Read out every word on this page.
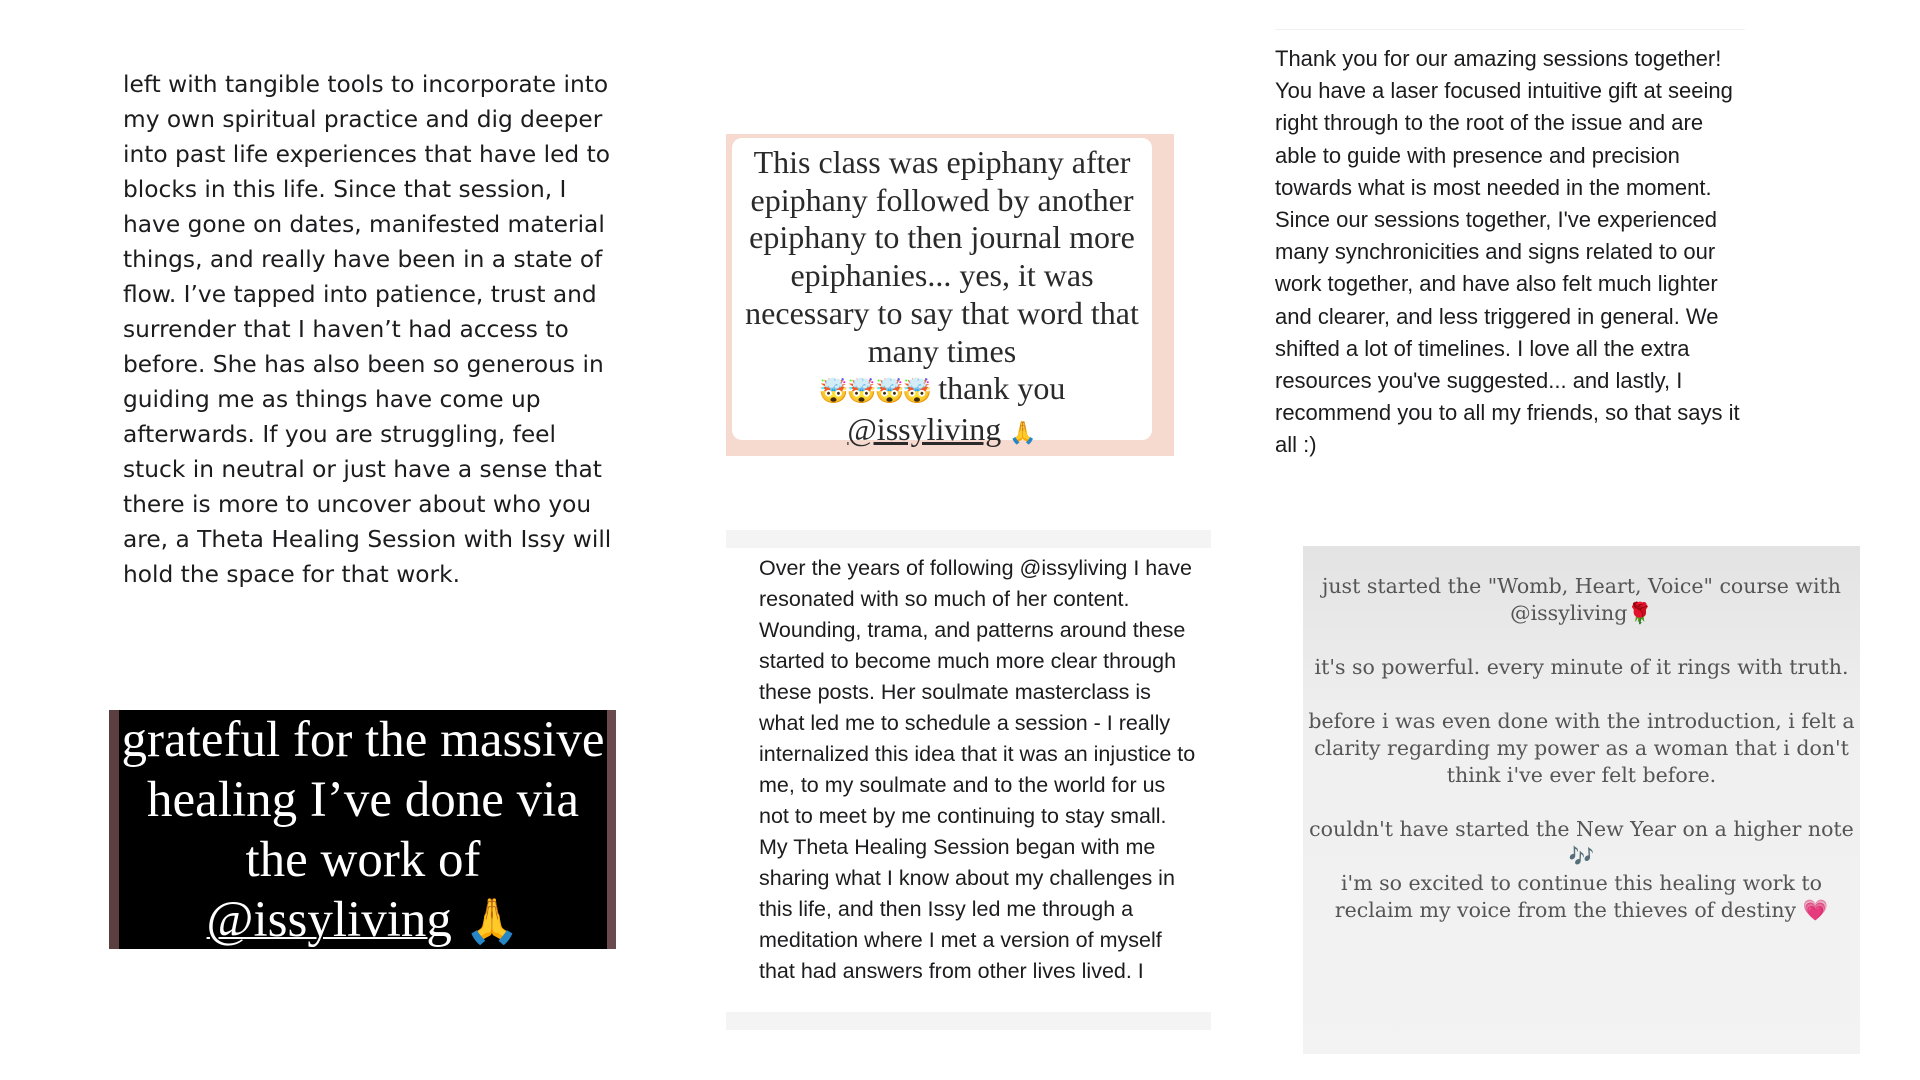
left with tangible tools to incorporate into my own spiritual practice and dig deeper into past life experiences that have led to blocks in this life. Since that session, I have gone on dates, manifested material things, and really have been in a state of flow. I’ve tapped into patience, trust and surrender that I haven’t had access to before. She has also been so generous in guiding me as things have come up afterwards. If you are struggling, feel stuck in neutral or just have a sense that there is more to uncover about who you are, a Theta Healing Session with Issy will hold the space for that work.

This class was epiphany after epiphany followed by another epiphany to then journal more epiphanies... yes, it was necessary to say that word that many times
🤯🤯🤯🤯 thank you
@issyliving 🙏

Thank you for our amazing sessions together! You have a laser focused intuitive gift at seeing right through to the root of the issue and are able to guide with presence and precision towards what is most needed in the moment. Since our sessions together, I've experienced many synchronicities and signs related to our work together, and have also felt much lighter and clearer, and less triggered in general. We shifted a lot of timelines. I love all the extra resources you've suggested... and lastly, I recommend you to all my friends, so that says it all :)

grateful for the massive healing I’ve done via the work of @issyliving 🙏

Over the years of following @issyliving I have resonated with so much of her content. Wounding, trama, and patterns around these started to become much more clear through these posts. Her soulmate masterclass is what led me to schedule a session - I really internalized this idea that it was an injustice to me, to my soulmate and to the world for us not to meet by me continuing to stay small. My Theta Healing Session began with me sharing what I know about my challenges in this life, and then Issy led me through a meditation where I met a version of myself that had answers from other lives lived. I

just started the "Womb, Heart, Voice" course with @issyliving🌹

it's so powerful. every minute of it rings with truth.

before i was even done with the introduction, i felt a clarity regarding my power as a woman that i don't think i've ever felt before.

couldn't have started the New Year on a higher note 🎶
i'm so excited to continue this healing work to reclaim my voice from the thieves of destiny 💗
